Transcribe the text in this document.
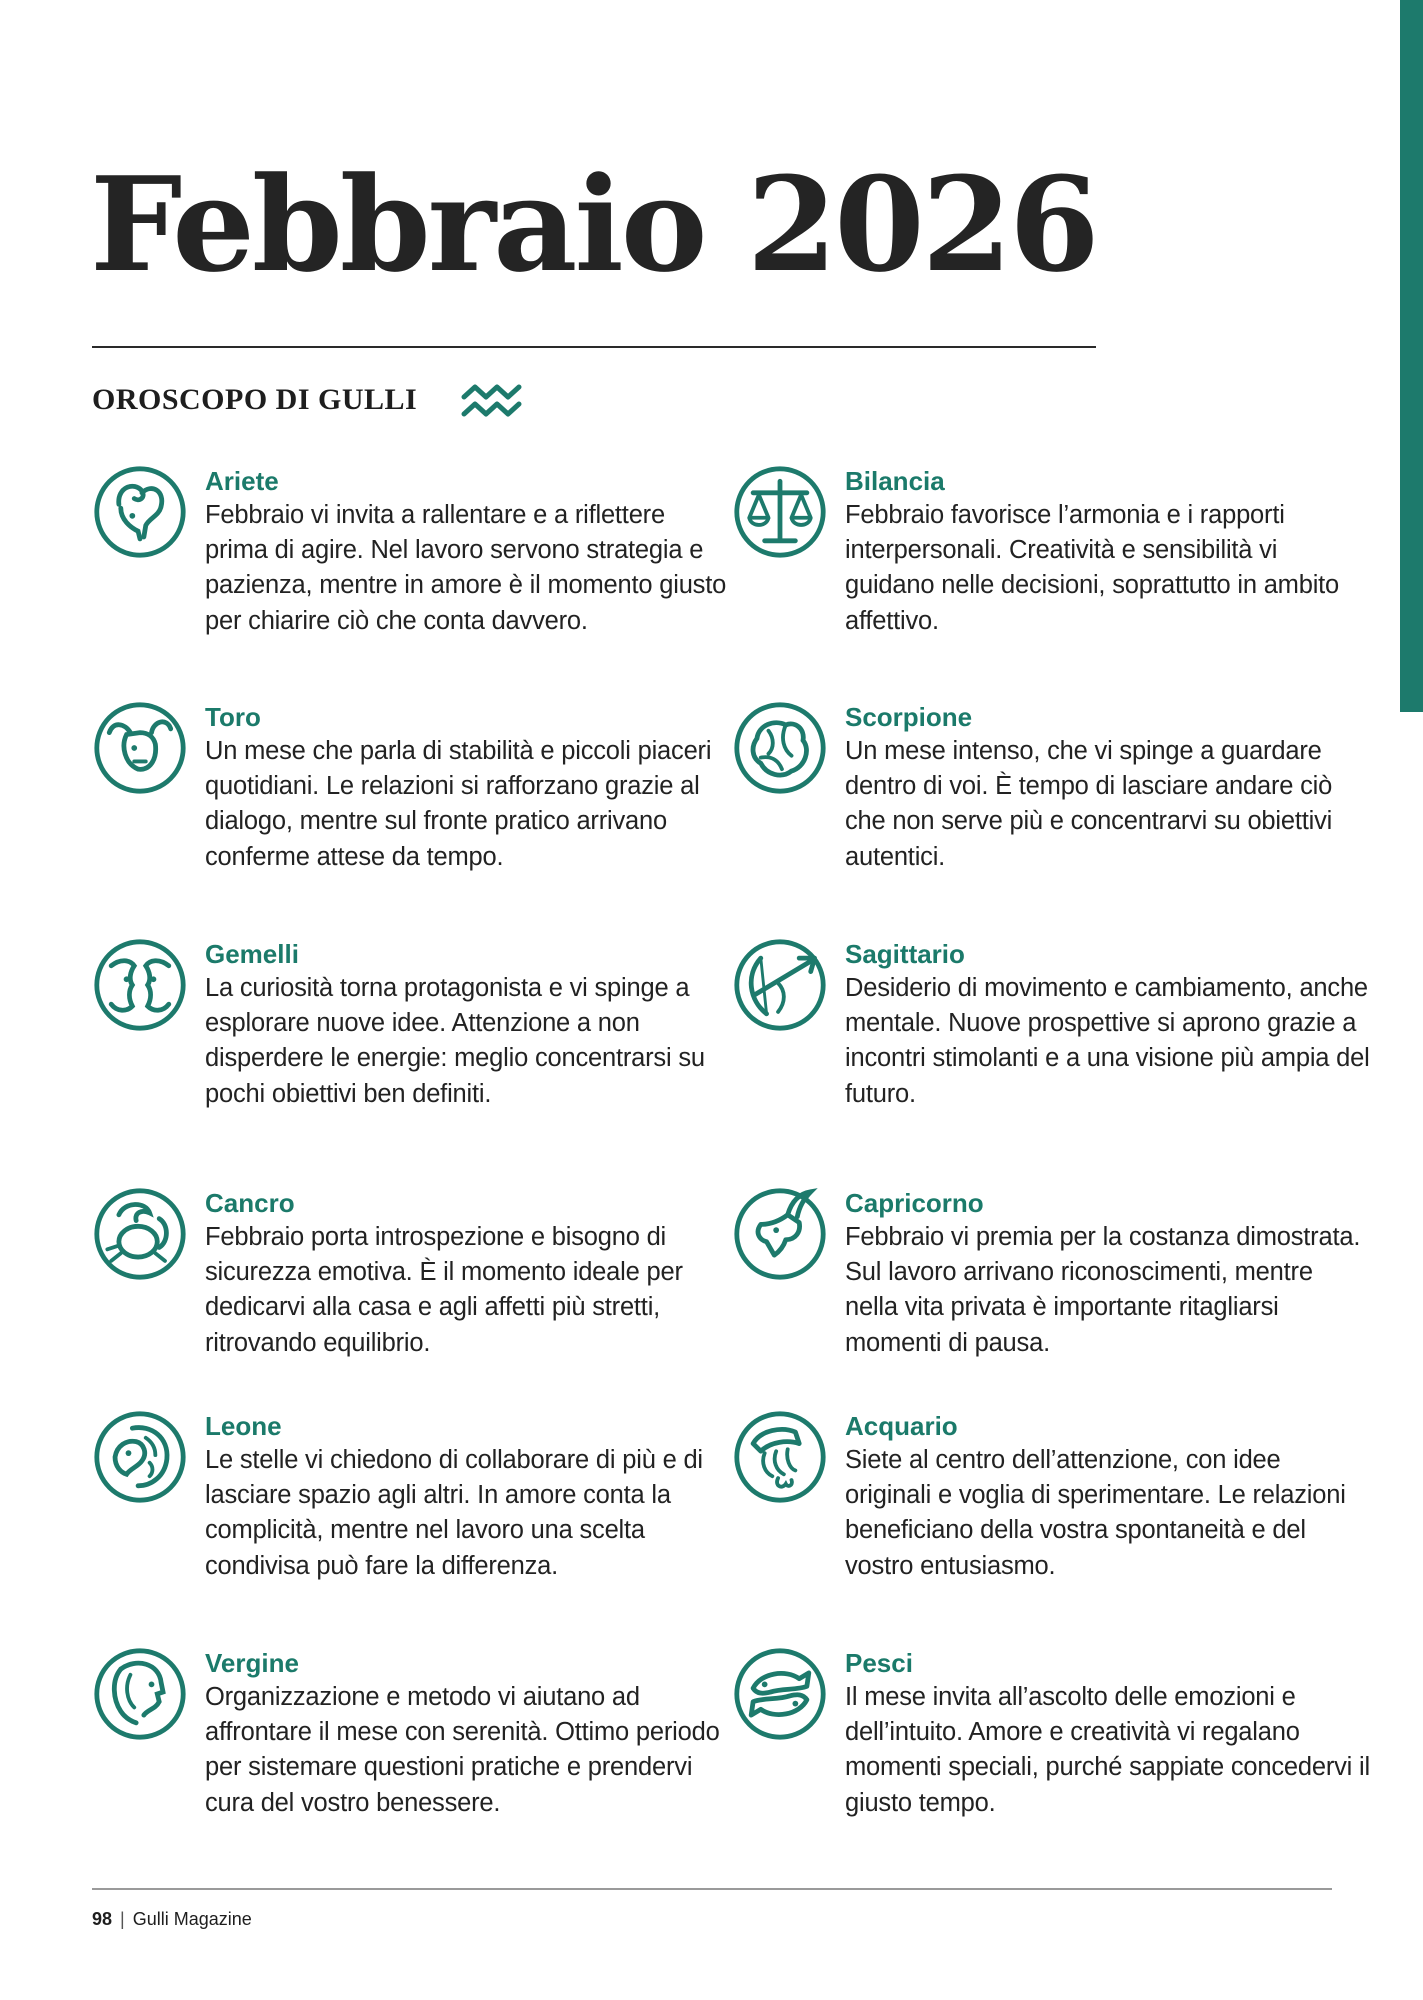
Febbraio 2026
OROSCOPO DI GULLI
Ariete

Febbraio vi invita a rallentare e a riflettere prima di agire. Nel lavoro servono strategia e pazienza, mentre in amore è il momento giusto per chiarire ciò che conta davvero.

Toro

Un mese che parla di stabilità e piccoli piaceri quotidiani. Le relazioni si rafforzano grazie al dialogo, mentre sul fronte pratico arrivano conferme attese da tempo.

Gemelli

La curiosità torna protagonista e vi spinge a esplorare nuove idee. Attenzione a non disperdere le energie: meglio concentrarsi su pochi obiettivi ben definiti.

Cancro

Febbraio porta introspezione e bisogno di sicurezza emotiva. È il momento ideale per dedicarvi alla casa e agli affetti più stretti, ritrovando equilibrio.

Leone

Le stelle vi chiedono di collaborare di più e di lasciare spazio agli altri. In amore conta la complicità, mentre nel lavoro una scelta condivisa può fare la differenza.

Vergine

Organizzazione e metodo vi aiutano ad affrontare il mese con serenità. Ottimo periodo per sistemare questioni pratiche e prendervi cura del vostro benessere.

Bilancia

Febbraio favorisce l’armonia e i rapporti interpersonali. Creatività e sensibilità vi guidano nelle decisioni, soprattutto in ambito affettivo.

Scorpione

Un mese intenso, che vi spinge a guardare dentro di voi. È tempo di lasciare andare ciò che non serve più e concentrarvi su obiettivi autentici.

Sagittario

Desiderio di movimento e cambiamento, anche mentale. Nuove prospettive si aprono grazie a incontri stimolanti e a una visione più ampia del futuro.

Capricorno

Febbraio vi premia per la costanza dimostrata. Sul lavoro arrivano riconoscimenti, mentre nella vita privata è importante ritagliarsi momenti di pausa.

Acquario

Siete al centro dell’attenzione, con idee originali e voglia di sperimentare. Le relazioni beneficiano della vostra spontaneità e del vostro entusiasmo.

Pesci

Il mese invita all’ascolto delle emozioni e dell’intuito. Amore e creatività vi regalano momenti speciali, purché sappiate concedervi il giusto tempo.

98 | Gulli Magazine
